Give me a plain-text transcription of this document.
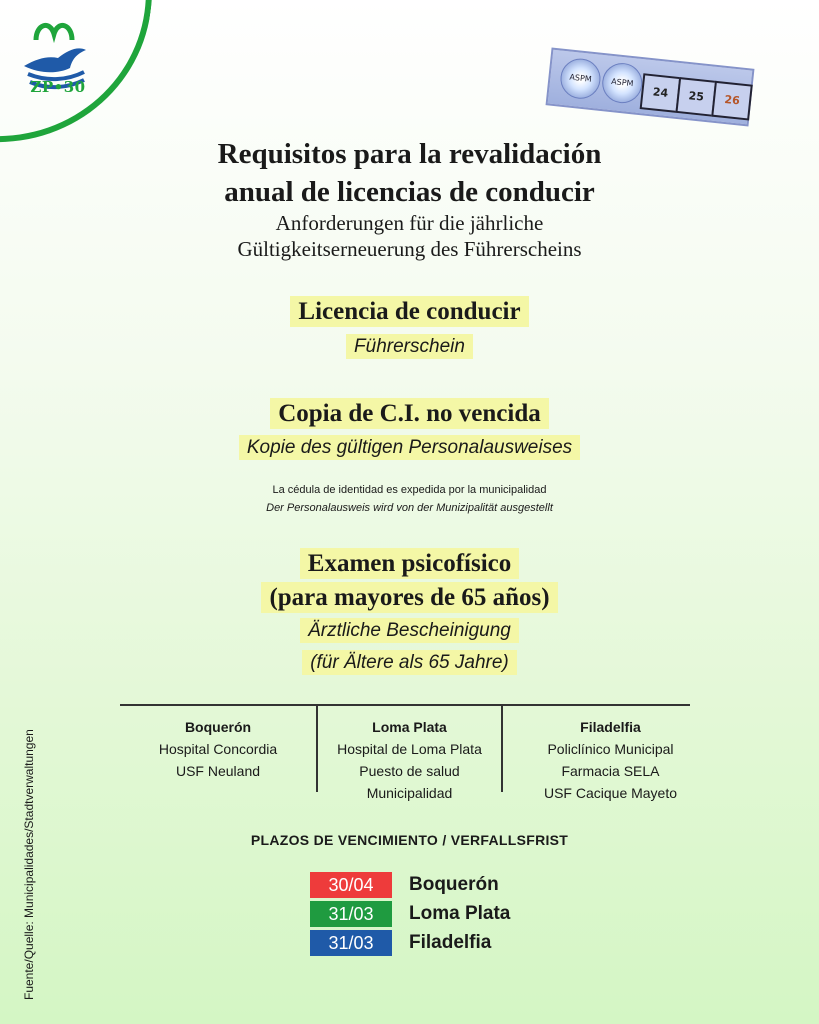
ZP•30	ASPM	ASPM
24	25	26
Requisitos para la revalidación
anual de licencias de conducir
Anforderungen für die jährliche
Gültigkeitserneuerung des Führerscheins
Licencia de conducir
Führerschein
Copia de C.I. no vencida
Kopie des gültigen Personalausweises
La cédula de identidad es expedida por la municipalidad
Der Personalausweis wird von der Munizipalität ausgestellt
Examen psicofísico
(para mayores de 65 años)
Ärztliche Bescheinigung
(für Ältere als 65 Jahre)
Boquerón
Hospital Concordia
USF Neuland
Loma Plata
Hospital de Loma Plata
Puesto de salud
Municipalidad
Filadelfia
Policlínico Municipal
Farmacia SELA
USF Cacique Mayeto
PLAZOS DE VENCIMIENTO / VERFALLSFRIST
30/04	Boquerón
31/03	Loma Plata
31/03	Filadelfia
Fuente/Quelle: Municipalidades/Stadtverwaltungen
